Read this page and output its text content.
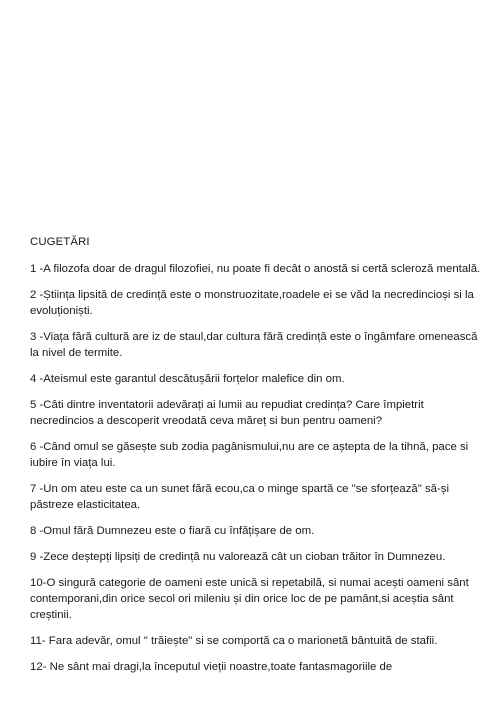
CUGETĂRI

1 -A filozofa doar de dragul filozofiei, nu poate fi decât o anostă si certă scleroză mentală.

2 -Știința lipsită de credință este o monstruozitate,roadele ei se văd la necredincioși si la evoluționiști.

3 -Viața fără cultură are iz de staul,dar cultura fără credință este o îngâmfare omenească la nivel de termite.

4 -Ateismul este garantul descătușării forțelor malefice din om.

5 -Câti dintre inventatorii adevărați ai lumii au repudiat credința? Care împietrit necredincios a descoperit vreodată ceva măreț si bun pentru oameni?

6 -Când omul se găsește sub zodia pagânismului,nu are ce aștepta de la tihnă, pace si iubire în viața lui.

7 -Un om ateu este ca un sunet fără ecou,ca o minge spartă ce "se sforțează" să-și păstreze elasticitatea.

8 -Omul fără Dumnezeu este o fiară cu înfățișare de om.

9 -Zece deștepți lipsiți de credință nu valorează cât un cioban trăitor în Dumnezeu.

10-O singură categorie de oameni este unică si repetabilă, si numai acești oameni sânt contemporani,din orice secol ori mileniu și din orice loc de pe pamânt,si aceștia sânt creștinii.

11- Fara adevăr, omul " trăiește" si se comportă ca o marionetă bântuită de stafii.

12- Ne sânt mai dragi,la începutul vieții noastre,toate fantasmagoriile de
